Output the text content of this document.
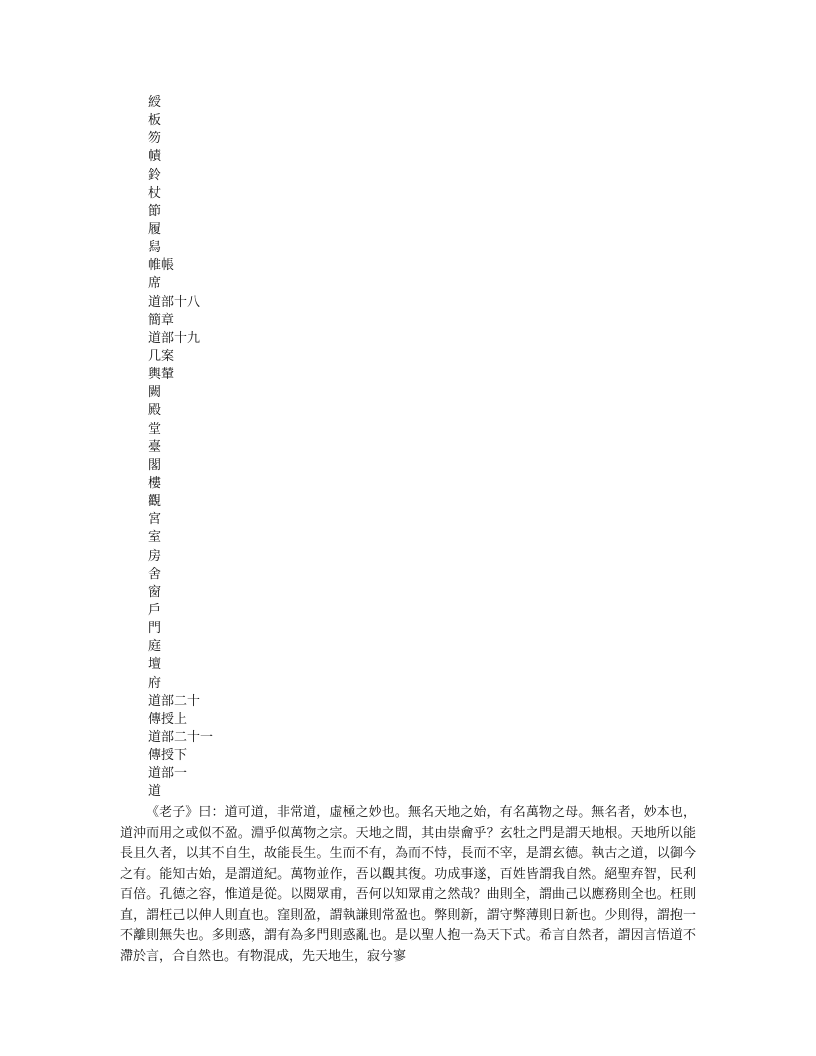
綬
板
笏
幘
鈴
杖
節
履
舄
帷帳
席
道部十八
簡章
道部十九
几案
輿輦
闕
殿
堂
臺
閣
樓
觀
宮
室
房
舍
窗
戶
門
庭
壇
府
道部二十
傳授上
道部二十一
傳授下
道部一
道

《老子》曰：道可道，非常道，虛極之妙也。無名天地之始，有名萬物之母。無名者，妙本也，道沖而用之或似不盈。淵乎似萬物之宗。天地之間，其由崇龠乎？玄牡之門是謂天地根。天地所以能長且久者，以其不自生，故能長生。生而不有，為而不恃，長而不宰，是謂玄德。執古之道，以御今之有。能知古始，是謂道紀。萬物並作，吾以觀其復。功成事遂，百姓皆謂我自然。絕聖弃智，民利百倍。孔德之容，惟道是從。以閱眾甫，吾何以知眾甫之然哉？曲則全，謂曲己以應務則全也。枉則直，謂枉己以伸人則直也。窪則盈，謂執謙則常盈也。弊則新，謂守弊薄則日新也。少則得，謂抱一不離則無失也。多則惑，謂有為多門則惑亂也。是以聖人抱一為天下式。希言自然者，謂因言悟道不滯於言，合自然也。有物混成，先天地生，寂兮寥
